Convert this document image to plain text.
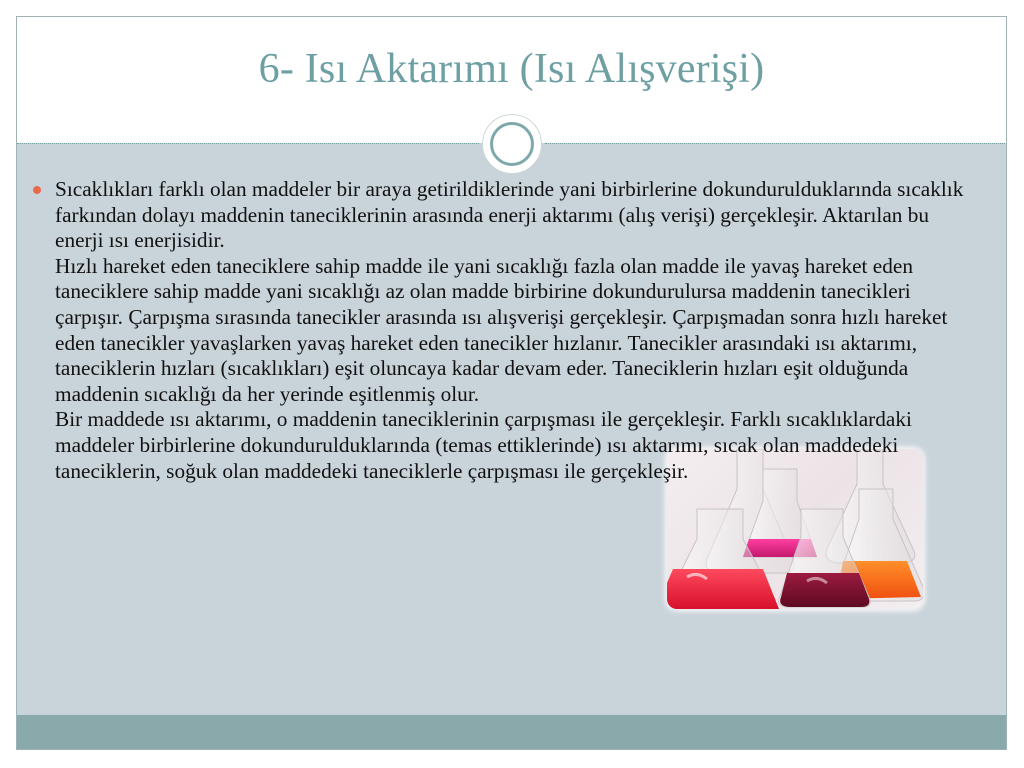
6- Isı Aktarımı (Isı Alışverişi)
Sıcaklıkları farklı olan maddeler bir araya getirildiklerinde yani birbirlerine dokundurulduklarında sıcaklık farkından dolayı maddenin taneciklerinin arasında enerji aktarımı (alış verişi) gerçekleşir. Aktarılan bu enerji ısı enerjisidir.
Hızlı hareket eden taneciklere sahip madde ile yani sıcaklığı fazla olan madde ile yavaş hareket eden taneciklere sahip madde yani sıcaklığı az olan madde birbirine dokundurulursa maddenin tanecikleri çarpışır. Çarpışma sırasında tanecikler arasında ısı alışverişi gerçekleşir. Çarpışmadan sonra hızlı hareket eden tanecikler yavaşlarken yavaş hareket eden tanecikler hızlanır. Tanecikler arasındaki ısı aktarımı, taneciklerin hızları (sıcaklıkları) eşit oluncaya kadar devam eder. Taneciklerin hızları eşit olduğunda maddenin sıcaklığı da her yerinde eşitlenmiş olur.
Bir maddede ısı aktarımı, o maddenin taneciklerinin çarpışması ile gerçekleşir. Farklı sıcaklıklardaki maddeler birbirlerine dokundurulduklarında (temas ettiklerinde) ısı aktarımı, sıcak olan maddedeki taneciklerin, soğuk olan maddedeki taneciklerle çarpışması ile gerçekleşir.
